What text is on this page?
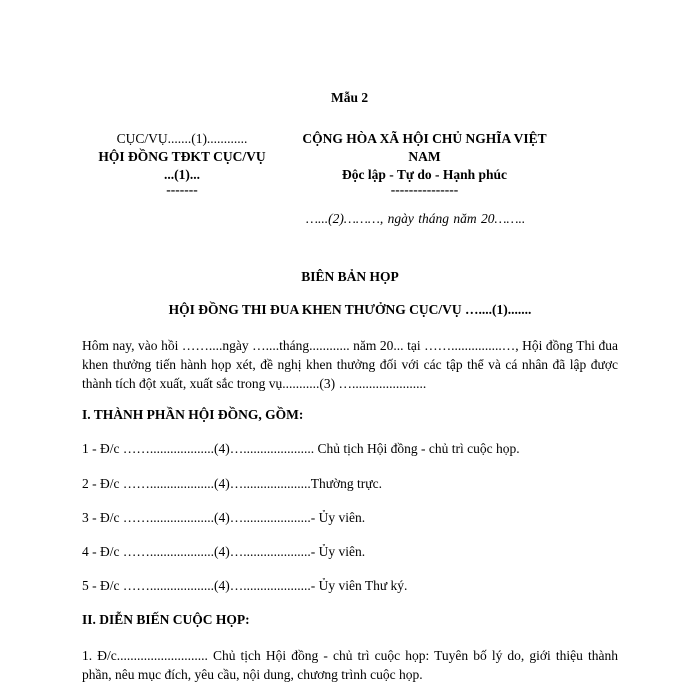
Mẫu 2
CỤC/VỤ.......(1)............
HỘI ĐỒNG TĐKT CỤC/VỤ
...(1)...
-------
CỘNG HÒA XÃ HỘI CHỦ NGHĨA VIỆT
NAM
Độc lập - Tự do - Hạnh phúc
---------------
…...(2)………, ngày tháng năm 20……..
BIÊN BẢN HỌP
HỘI ĐỒNG THI ĐUA KHEN THƯỞNG CỤC/VỤ …....(1).......
Hôm nay, vào hồi ……....ngày …....tháng............ năm 20... tại ……...............…, Hội đồng Thi đua khen thưởng tiến hành họp xét, đề nghị khen thưởng đối với các tập thể và cá nhân đã lập được thành tích đột xuất, xuất sắc trong vụ...........(3) …......................
I. THÀNH PHẦN HỘI ĐỒNG, GỒM:
1 - Đ/c ……...................(4)…..................... Chủ tịch Hội đồng - chủ trì cuộc họp.
2 - Đ/c ……...................(4)…....................Thường trực.
3 - Đ/c ……...................(4)…....................- Ủy viên.
4 - Đ/c ……...................(4)…....................- Ủy viên.
5 - Đ/c ……...................(4)…....................- Ủy viên Thư ký.
II. DIỄN BIẾN CUỘC HỌP:
1. Đ/c........................... Chủ tịch Hội đồng - chủ trì cuộc họp: Tuyên bố lý do, giới thiệu thành phần, nêu mục đích, yêu cầu, nội dung, chương trình cuộc họp.
